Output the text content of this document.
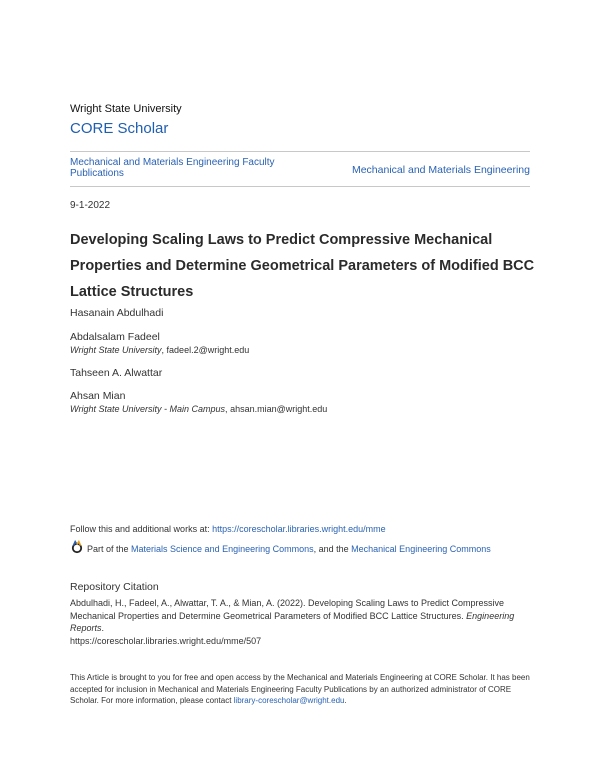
Wright State University
CORE Scholar
Mechanical and Materials Engineering Faculty Publications	Mechanical and Materials Engineering
9-1-2022
Developing Scaling Laws to Predict Compressive Mechanical Properties and Determine Geometrical Parameters of Modified BCC Lattice Structures
Hasanain Abdulhadi
Abdalsalam Fadeel
Wright State University, fadeel.2@wright.edu
Tahseen A. Alwattar
Ahsan Mian
Wright State University - Main Campus, ahsan.mian@wright.edu
Follow this and additional works at: https://corescholar.libraries.wright.edu/mme
Part of the Materials Science and Engineering Commons, and the Mechanical Engineering Commons
Repository Citation
Abdulhadi, H., Fadeel, A., Alwattar, T. A., & Mian, A. (2022). Developing Scaling Laws to Predict Compressive Mechanical Properties and Determine Geometrical Parameters of Modified BCC Lattice Structures. Engineering Reports.
https://corescholar.libraries.wright.edu/mme/507
This Article is brought to you for free and open access by the Mechanical and Materials Engineering at CORE Scholar. It has been accepted for inclusion in Mechanical and Materials Engineering Faculty Publications by an authorized administrator of CORE Scholar. For more information, please contact library-corescholar@wright.edu.
